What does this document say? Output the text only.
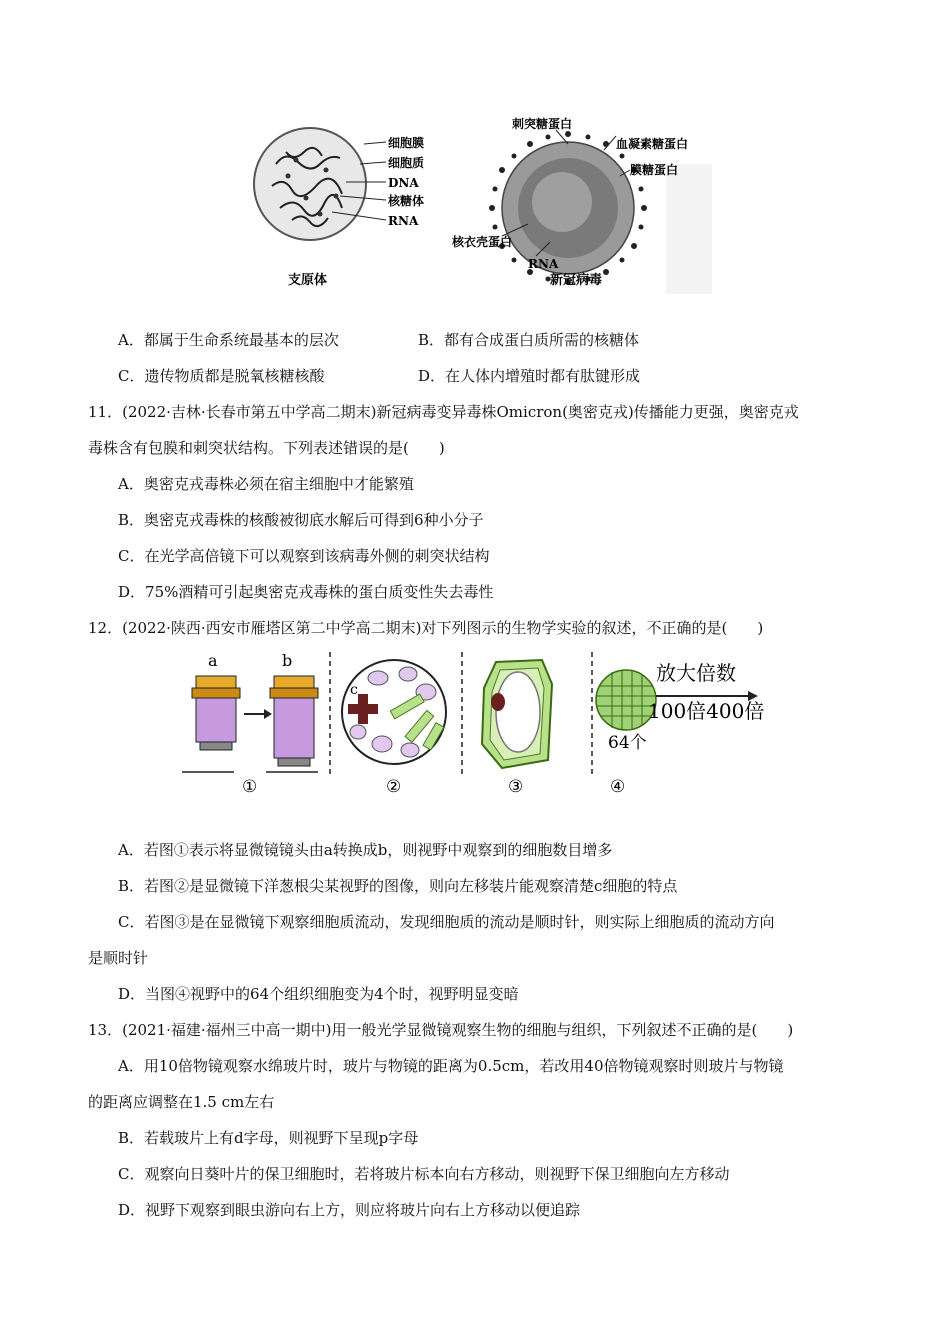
细胞膜
细胞质
DNA
核糖体
RNA
支原体
刺突糖蛋白
血凝素糖蛋白
膜糖蛋白
核衣壳蛋白
RNA
新冠病毒
A．都属于生命系统最基本的层次	B．都有合成蛋白质所需的核糖体
C．遗传物质都是脱氧核糖核酸	D．在人体内增殖时都有肽键形成
11．(2022·吉林·长春市第五中学高二期末)新冠病毒变异毒株Omicron(奥密克戎)传播能力更强，奥密克戎
毒株含有包膜和刺突状结构。下列表述错误的是(　　)
A．奥密克戎毒株必须在宿主细胞中才能繁殖
B．奥密克戎毒株的核酸被彻底水解后可得到6种小分子
C．在光学高倍镜下可以观察到该病毒外侧的刺突状结构
D．75%酒精可引起奥密克戎毒株的蛋白质变性失去毒性
12．(2022·陕西·西安市雁塔区第二中学高二期末)对下列图示的生物学实验的叙述，不正确的是(　　)
a	b
①
c
②	③
64个
放大倍数
100倍400倍
④
A．若图①表示将显微镜镜头由a转换成b，则视野中观察到的细胞数目增多
B．若图②是显微镜下洋葱根尖某视野的图像，则向左移装片能观察清楚c细胞的特点
C．若图③是在显微镜下观察细胞质流动，发现细胞质的流动是顺时针，则实际上细胞质的流动方向
是顺时针
D．当图④视野中的64个组织细胞变为4个时，视野明显变暗
13．(2021·福建·福州三中高一期中)用一般光学显微镜观察生物的细胞与组织，下列叙述不正确的是(　　)
A．用10倍物镜观察水绵玻片时，玻片与物镜的距离为0.5cm，若改用40倍物镜观察时则玻片与物镜
的距离应调整在1.5 cm左右
B．若载玻片上有d字母，则视野下呈现p字母
C．观察向日葵叶片的保卫细胞时，若将玻片标本向右方移动，则视野下保卫细胞向左方移动
D．视野下观察到眼虫游向右上方，则应将玻片向右上方移动以便追踪
